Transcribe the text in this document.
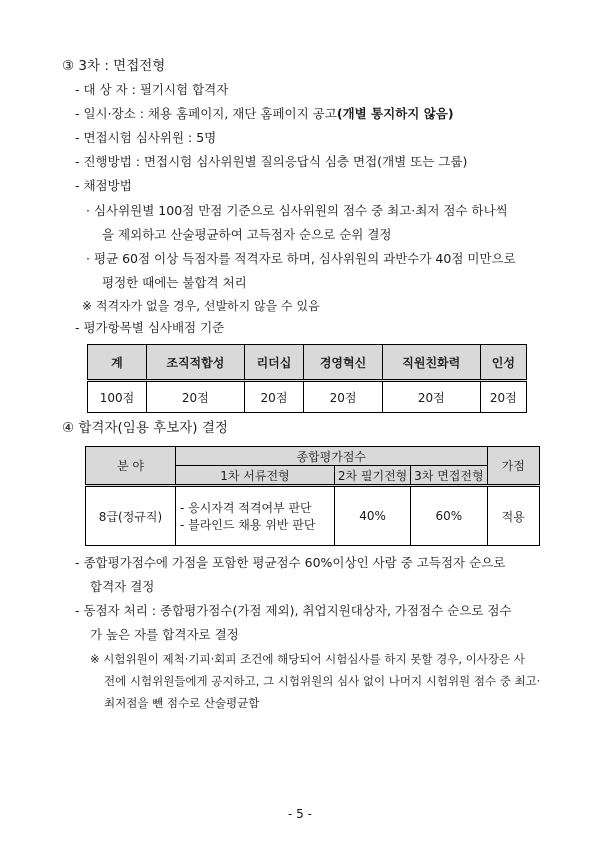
③ 3차 : 면접전형
- 대 상 자 : 필기시험 합격자
- 일시·장소 : 채용 홈페이지, 재단 홈페이지 공고(개별 통지하지 않음)
- 면접시험 심사위원 : 5명
- 진행방법 : 면접시험 심사위원별 질의응답식 심층 면접(개별 또는 그룹)
- 채점방법
· 심사위원별 100점 만점 기준으로 심사위원의 점수 중 최고·최저 점수 하나씩
을 제외하고 산술평균하여 고득점자 순으로 순위 결정
· 평균 60점 이상 득점자를 적격자로 하며, 심사위원의 과반수가 40점 미만으로
평정한 때에는 불합격 처리
※ 적격자가 없을 경우, 선발하지 않을 수 있음
- 평가항목별 심사배점 기준
계	조직적합성	리더십	경영혁신	직원친화력	인성
100점	20점	20점	20점	20점	20점
④ 합격자(임용 후보자) 결정
분 야	종합평가점수			가점
	1차 서류전형	2차 필기전형	3차 면접전형	
8급(정규직)	- 응시자격 적격여부 판단
- 블라인드 채용 위반 판단	40%	60%	적용
- 종합평가점수에 가점을 포함한 평균점수 60%이상인 사람 중 고득점자 순으로
합격자 결정
- 동점자 처리 : 종합평가점수(가점 제외), 취업지원대상자, 가점점수 순으로 점수
가 높은 자를 합격자로 결정
※ 시험위원이 제척·기피·회피 조건에 해당되어 시험심사를 하지 못할 경우, 이사장은 사
전에 시험위원들에게 공지하고, 그 시험위원의 심사 없이 나머지 시험위원 점수 중 최고·
최저점을 뺀 점수로 산술평균함
- 5 -
